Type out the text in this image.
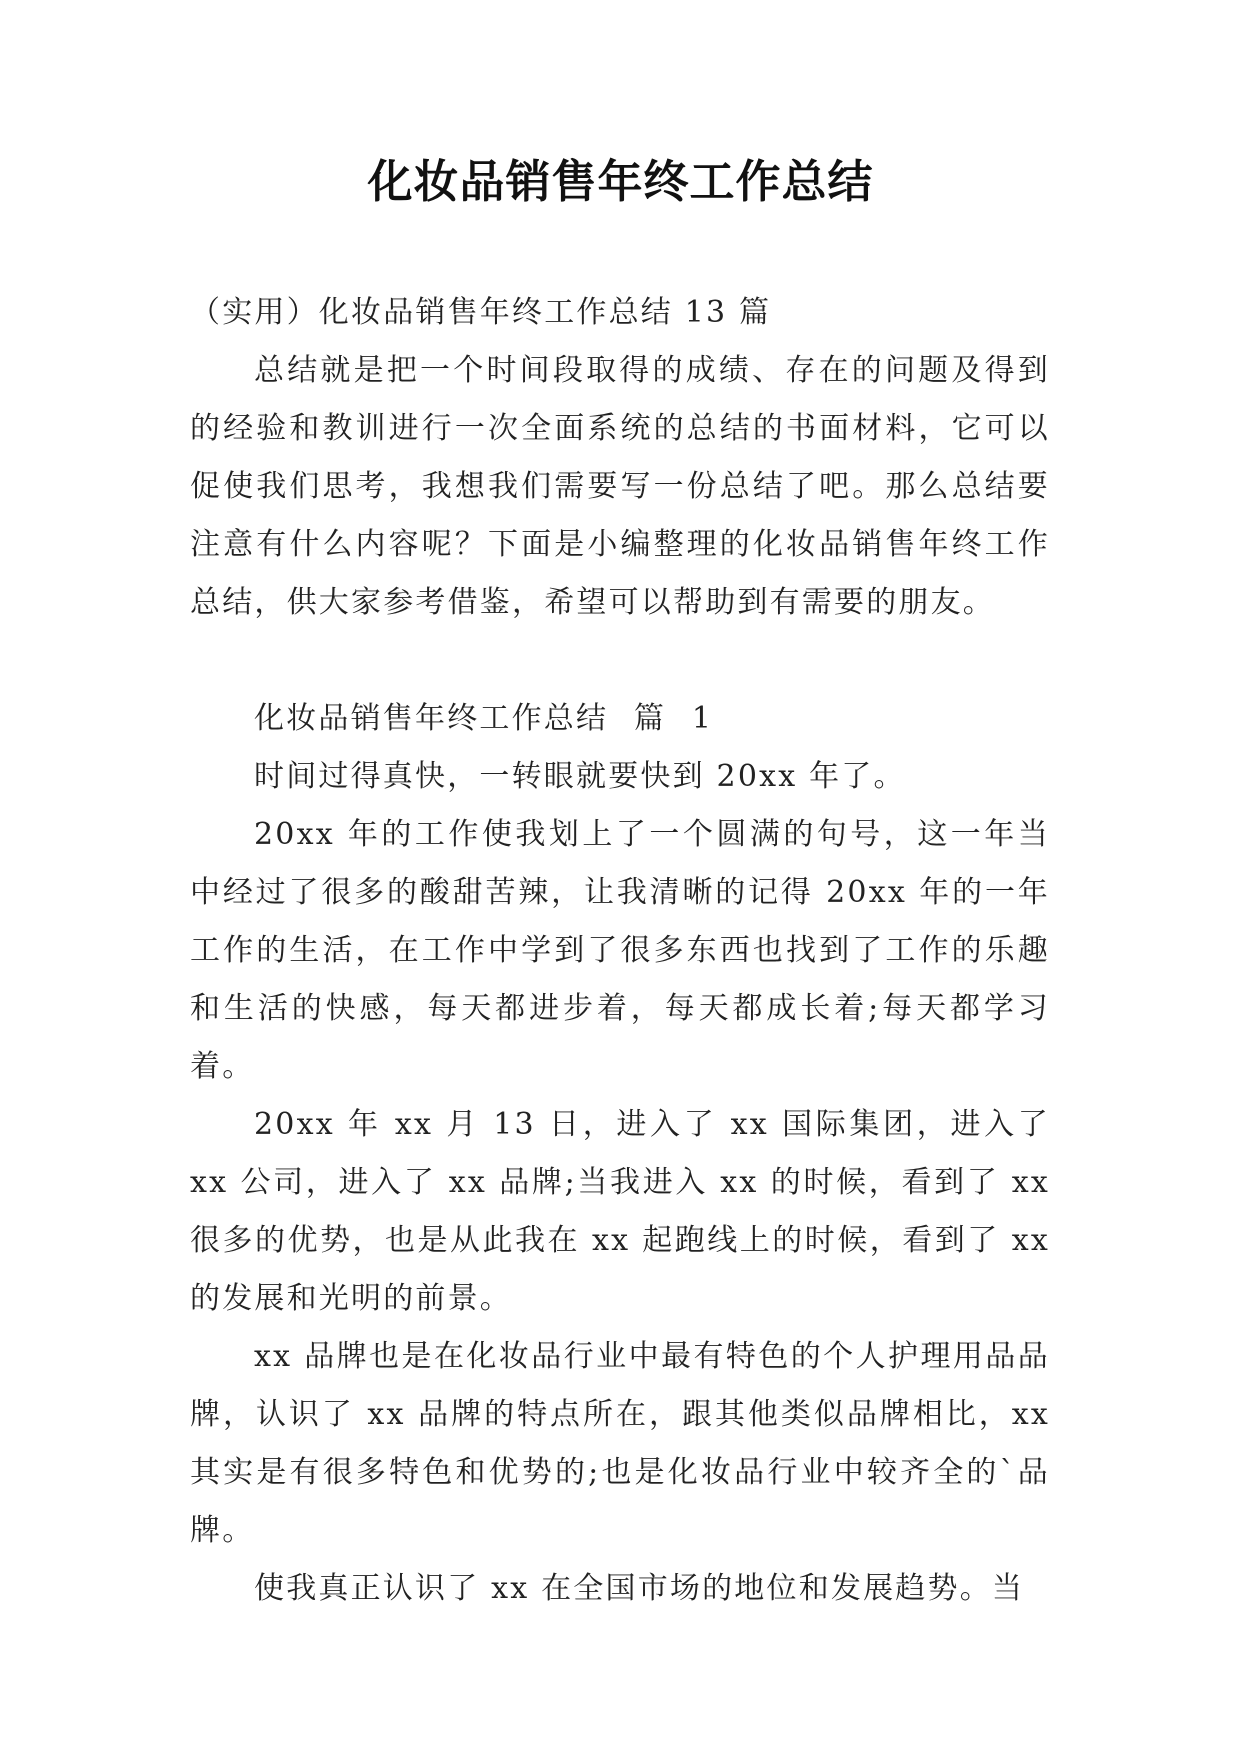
化妆品销售年终工作总结

（实用）化妆品销售年终工作总结 13 篇

总结就是把一个时间段取得的成绩、存在的问题及得到的经验和教训进行一次全面系统的总结的书面材料，它可以促使我们思考，我想我们需要写一份总结了吧。那么总结要注意有什么内容呢？下面是小编整理的化妆品销售年终工作总结，供大家参考借鉴，希望可以帮助到有需要的朋友。

化妆品销售年终工作总结 篇 1

时间过得真快，一转眼就要快到 20xx 年了。

20xx 年的工作使我划上了一个圆满的句号，这一年当中经过了很多的酸甜苦辣，让我清晰的记得 20xx 年的一年工作的生活，在工作中学到了很多东西也找到了工作的乐趣和生活的快感，每天都进步着，每天都成长着;每天都学习着。

20xx 年 xx 月 13 日，进入了 xx 国际集团，进入了 xx 公司，进入了 xx 品牌;当我进入 xx 的时候，看到了 xx 很多的优势，也是从此我在 xx 起跑线上的时候，看到了 xx 的发展和光明的前景。

xx 品牌也是在化妆品行业中最有特色的个人护理用品品牌，认识了 xx 品牌的特点所在，跟其他类似品牌相比，xx 其实是有很多特色和优势的;也是化妆品行业中较齐全的`品牌。

使我真正认识了 xx 在全国市场的地位和发展趋势。当
